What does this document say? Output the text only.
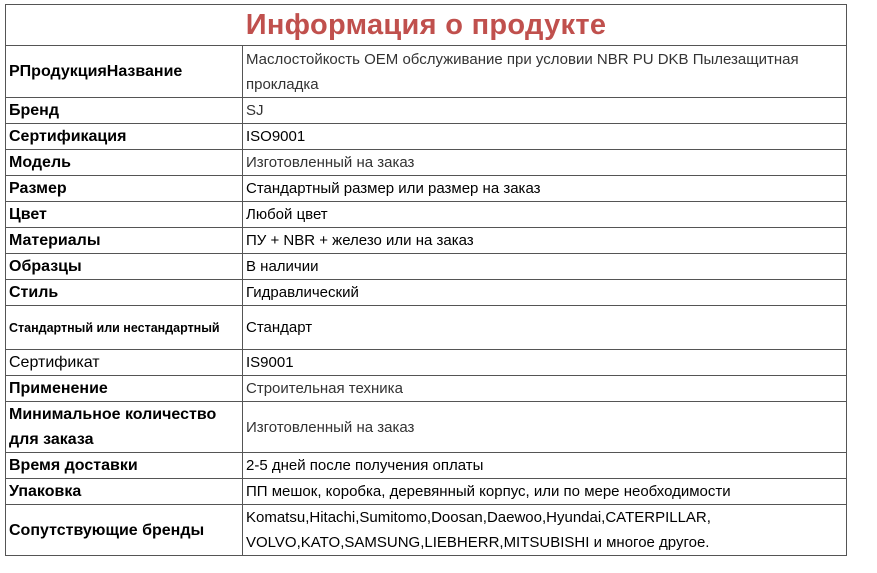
Информация о продукте
РПродукцияНазвание	Маслостойкость OEM обслуживание при условии NBR PU DKB Пылезащитная прокладка
Бренд	SJ
Сертификация	ISO9001
Модель	Изготовленный на заказ
Размер	Стандартный размер или размер на заказ
Цвет	Любой цвет
Материалы	ПУ + NBR + железо или на заказ
Образцы	В наличии
Стиль	Гидравлический
Стандартный или нестандартный	Стандарт
Сертификат	IS9001
Применение	Строительная техника
Минимальное количество для заказа	Изготовленный на заказ
Время доставки	2-5 дней после получения оплаты
Упаковка	ПП мешок, коробка, деревянный корпус, или по мере необходимости
Сопутствующие бренды	Komatsu,Hitachi,Sumitomo,Doosan,Daewoo,Hyundai,CATERPILLAR, VOLVO,KATO,SAMSUNG,LIEBHERR,MITSUBISHI и многое другое.
